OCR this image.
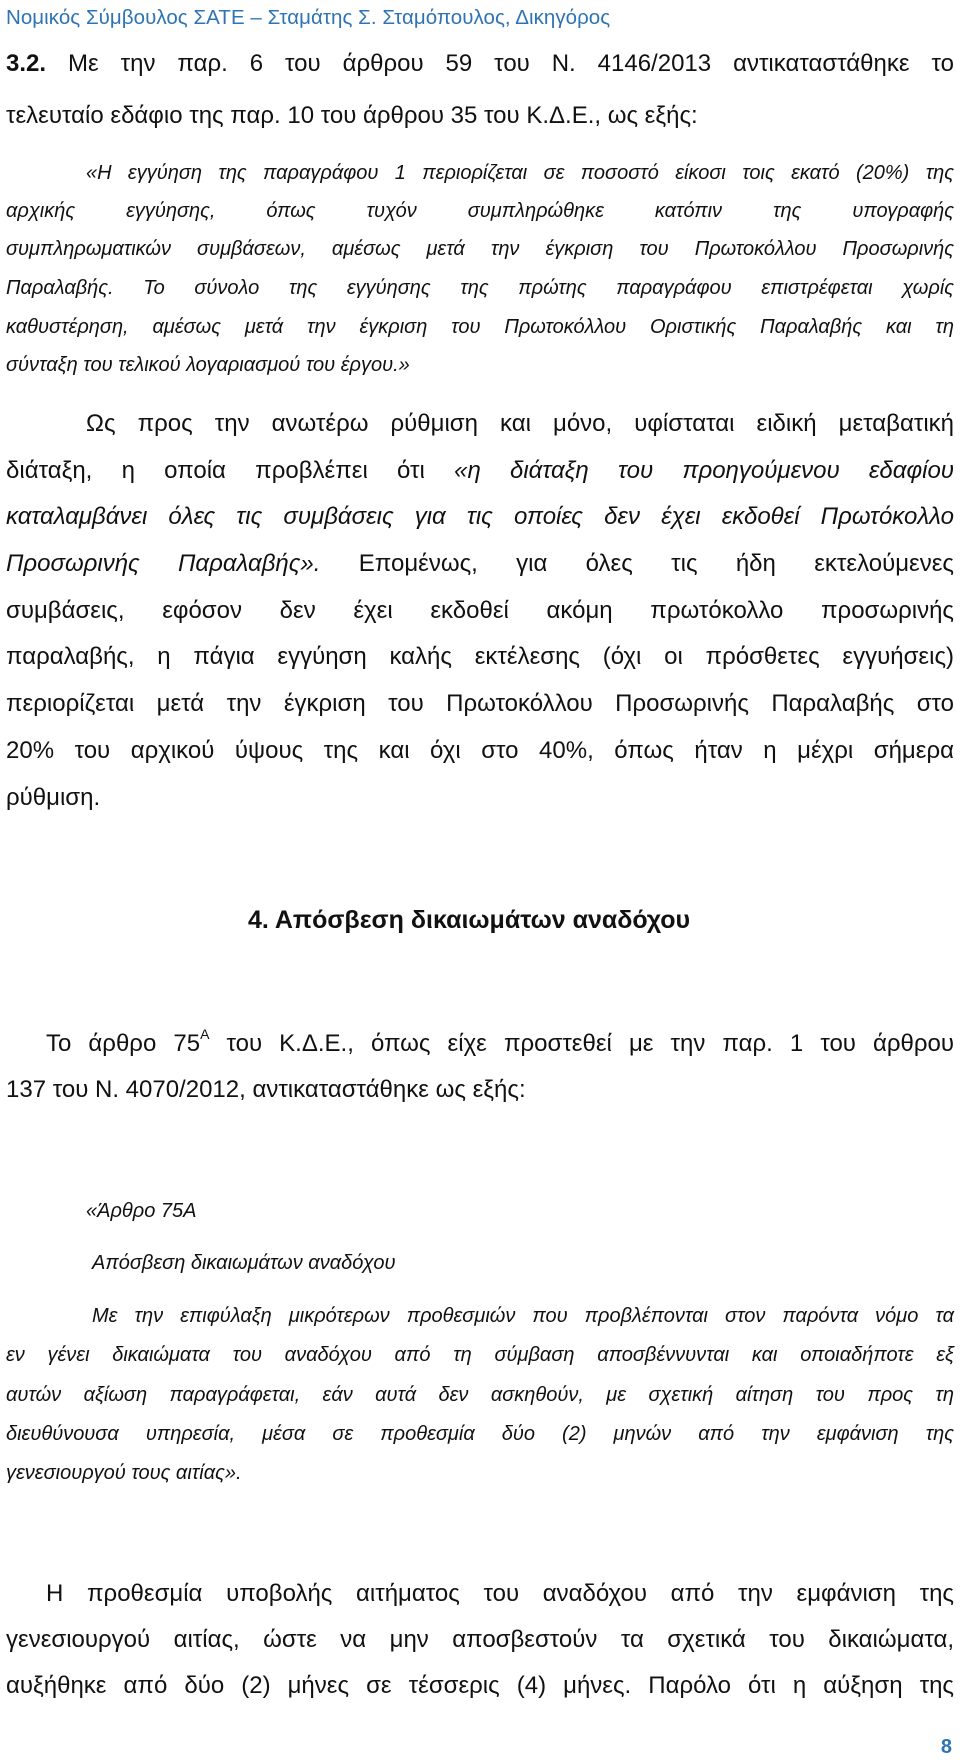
Νομικός Σύμβουλος ΣΑΤΕ – Σταμάτης Σ. Σταμόπουλος, Δικηγόρος
3.2. Με την παρ. 6 του άρθρου 59 του Ν. 4146/2013 αντικαταστάθηκε το
τελευταίο εδάφιο της παρ. 10 του άρθρου 35 του Κ.Δ.Ε., ως εξής:
«Η εγγύηση της παραγράφου 1 περιορίζεται σε ποσοστό είκοσι τοις εκατό (20%) της
αρχικής εγγύησης, όπως τυχόν συμπληρώθηκε κατόπιν της υπογραφής
συμπληρωματικών συμβάσεων, αμέσως μετά την έγκριση του Πρωτοκόλλου Προσωρινής
Παραλαβής. Το σύνολο της εγγύησης της πρώτης παραγράφου επιστρέφεται χωρίς
καθυστέρηση, αμέσως μετά την έγκριση του Πρωτοκόλλου Οριστικής Παραλαβής και τη
σύνταξη του τελικού λογαριασμού του έργου.»
Ως προς την ανωτέρω ρύθμιση και μόνο, υφίσταται ειδική μεταβατική
διάταξη, η οποία προβλέπει ότι «η διάταξη του προηγούμενου εδαφίου
καταλαμβάνει όλες τις συμβάσεις για τις οποίες δεν έχει εκδοθεί Πρωτόκολλο
Προσωρινής Παραλαβής». Επομένως, για όλες τις ήδη εκτελούμενες
συμβάσεις, εφόσον δεν έχει εκδοθεί ακόμη πρωτόκολλο προσωρινής
παραλαβής, η πάγια εγγύηση καλής εκτέλεσης (όχι οι πρόσθετες εγγυήσεις)
περιορίζεται μετά την έγκριση του Πρωτοκόλλου Προσωρινής Παραλαβής στο
20% του αρχικού ύψους της και όχι στο 40%, όπως ήταν η μέχρι σήμερα
ρύθμιση.
4. Απόσβεση δικαιωμάτων αναδόχου
Το άρθρο $75^A$ του Κ.Δ.Ε., όπως είχε προστεθεί με την παρ. 1 του άρθρου
137 του Ν. 4070/2012, αντικαταστάθηκε ως εξής:
«Άρθρο 75Α
Απόσβεση δικαιωμάτων αναδόχου
Με την επιφύλαξη μικρότερων προθεσμιών που προβλέπονται στον παρόντα νόμο τα
εν γένει δικαιώματα του αναδόχου από τη σύμβαση αποσβέννυνται και οποιαδήποτε εξ
αυτών αξίωση παραγράφεται, εάν αυτά δεν ασκηθούν, με σχετική αίτηση του προς τη
διευθύνουσα υπηρεσία, μέσα σε προθεσμία δύο (2) μηνών από την εμφάνιση της
γενεσιουργού τους αιτίας».
Η προθεσμία υποβολής αιτήματος του αναδόχου από την εμφάνιση της
γενεσιουργού αιτίας, ώστε να μην αποσβεστούν τα σχετικά του δικαιώματα,
αυξήθηκε από δύο (2) μήνες σε τέσσερις (4) μήνες. Παρόλο ότι η αύξηση της
8
